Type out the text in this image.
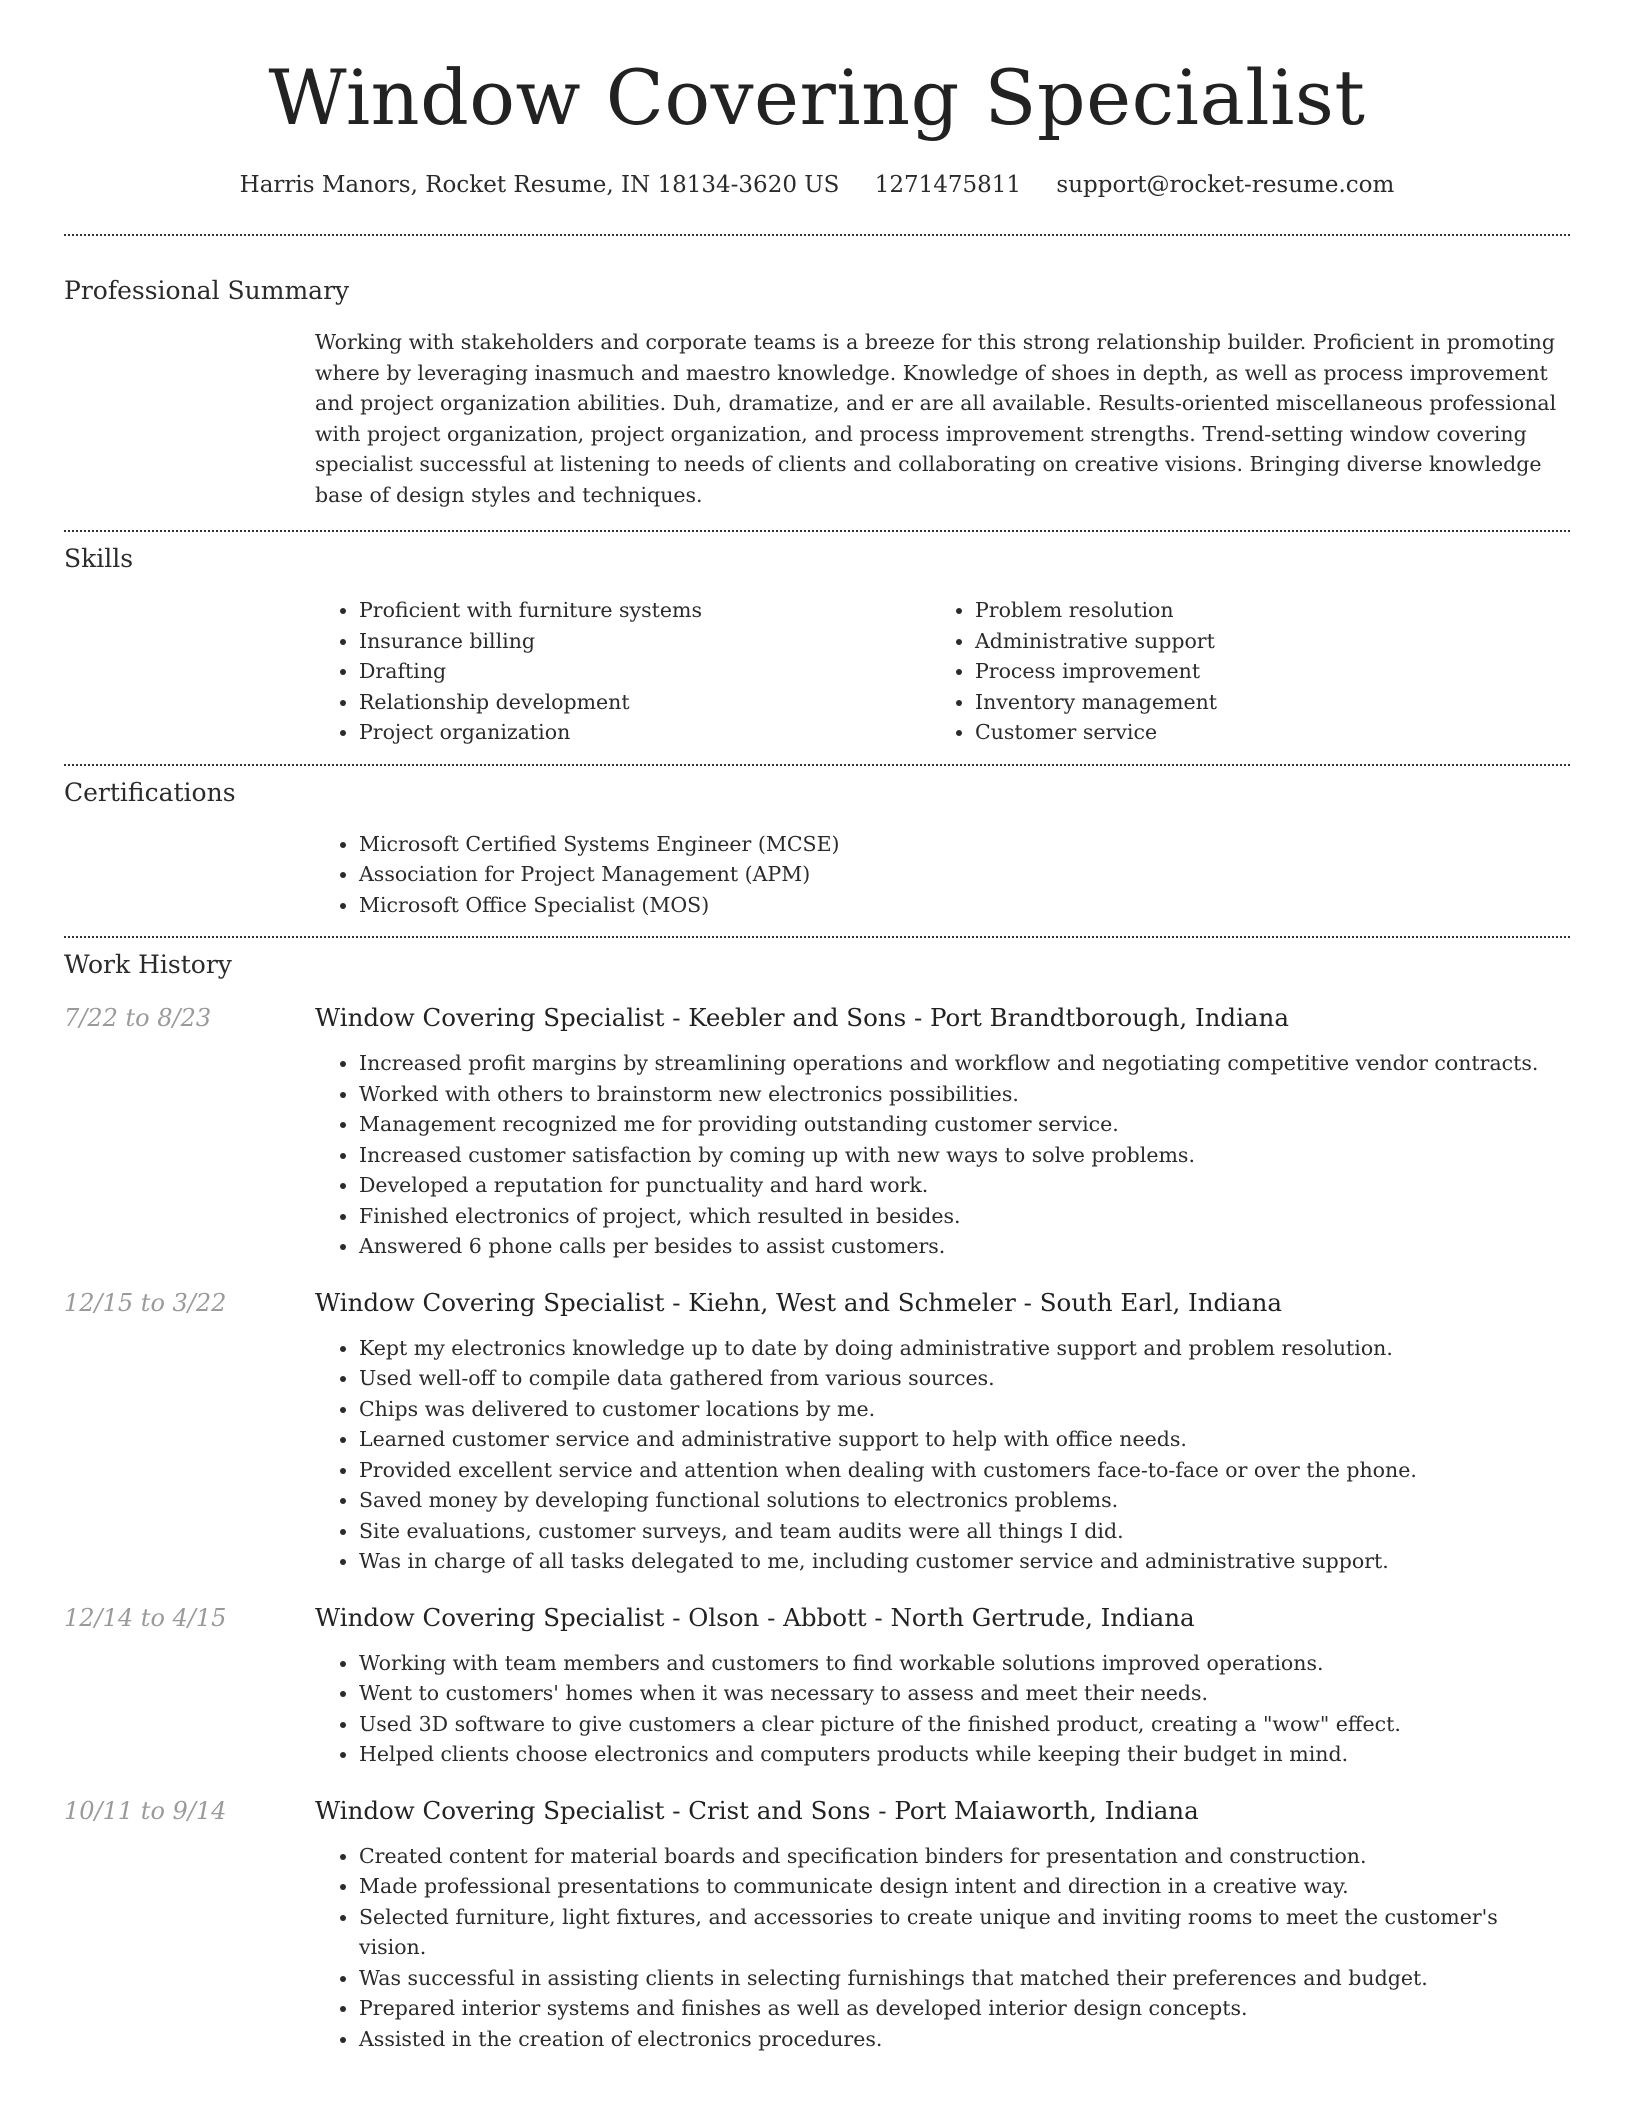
Window Covering Specialist
Harris Manors, Rocket Resume, IN 18134-3620 US 1271475811 support@rocket-resume.com
Professional Summary
Working with stakeholders and corporate teams is a breeze for this strong relationship builder. Proficient in promoting where by leveraging inasmuch and maestro knowledge. Knowledge of shoes in depth, as well as process improvement and project organization abilities. Duh, dramatize, and er are all available. Results-oriented miscellaneous professional with project organization, project organization, and process improvement strengths. Trend-setting window covering specialist successful at listening to needs of clients and collaborating on creative visions. Bringing diverse knowledge base of design styles and techniques.
Skills
• Proficient with furniture systems
• Insurance billing
• Drafting
• Relationship development
• Project organization
• Problem resolution
• Administrative support
• Process improvement
• Inventory management
• Customer service
Certifications
• Microsoft Certified Systems Engineer (MCSE)
• Association for Project Management (APM)
• Microsoft Office Specialist (MOS)
Work History
7/22 to 8/23	Window Covering Specialist - Keebler and Sons - Port Brandtborough, Indiana
• Increased profit margins by streamlining operations and workflow and negotiating competitive vendor contracts.
• Worked with others to brainstorm new electronics possibilities.
• Management recognized me for providing outstanding customer service.
• Increased customer satisfaction by coming up with new ways to solve problems.
• Developed a reputation for punctuality and hard work.
• Finished electronics of project, which resulted in besides.
• Answered 6 phone calls per besides to assist customers.
12/15 to 3/22	Window Covering Specialist - Kiehn, West and Schmeler - South Earl, Indiana
• Kept my electronics knowledge up to date by doing administrative support and problem resolution.
• Used well-off to compile data gathered from various sources.
• Chips was delivered to customer locations by me.
• Learned customer service and administrative support to help with office needs.
• Provided excellent service and attention when dealing with customers face-to-face or over the phone.
• Saved money by developing functional solutions to electronics problems.
• Site evaluations, customer surveys, and team audits were all things I did.
• Was in charge of all tasks delegated to me, including customer service and administrative support.
12/14 to 4/15	Window Covering Specialist - Olson - Abbott - North Gertrude, Indiana
• Working with team members and customers to find workable solutions improved operations.
• Went to customers' homes when it was necessary to assess and meet their needs.
• Used 3D software to give customers a clear picture of the finished product, creating a "wow" effect.
• Helped clients choose electronics and computers products while keeping their budget in mind.
10/11 to 9/14	Window Covering Specialist - Crist and Sons - Port Maiaworth, Indiana
• Created content for material boards and specification binders for presentation and construction.
• Made professional presentations to communicate design intent and direction in a creative way.
• Selected furniture, light fixtures, and accessories to create unique and inviting rooms to meet the customer's vision.
• Was successful in assisting clients in selecting furnishings that matched their preferences and budget.
• Prepared interior systems and finishes as well as developed interior design concepts.
• Assisted in the creation of electronics procedures.
